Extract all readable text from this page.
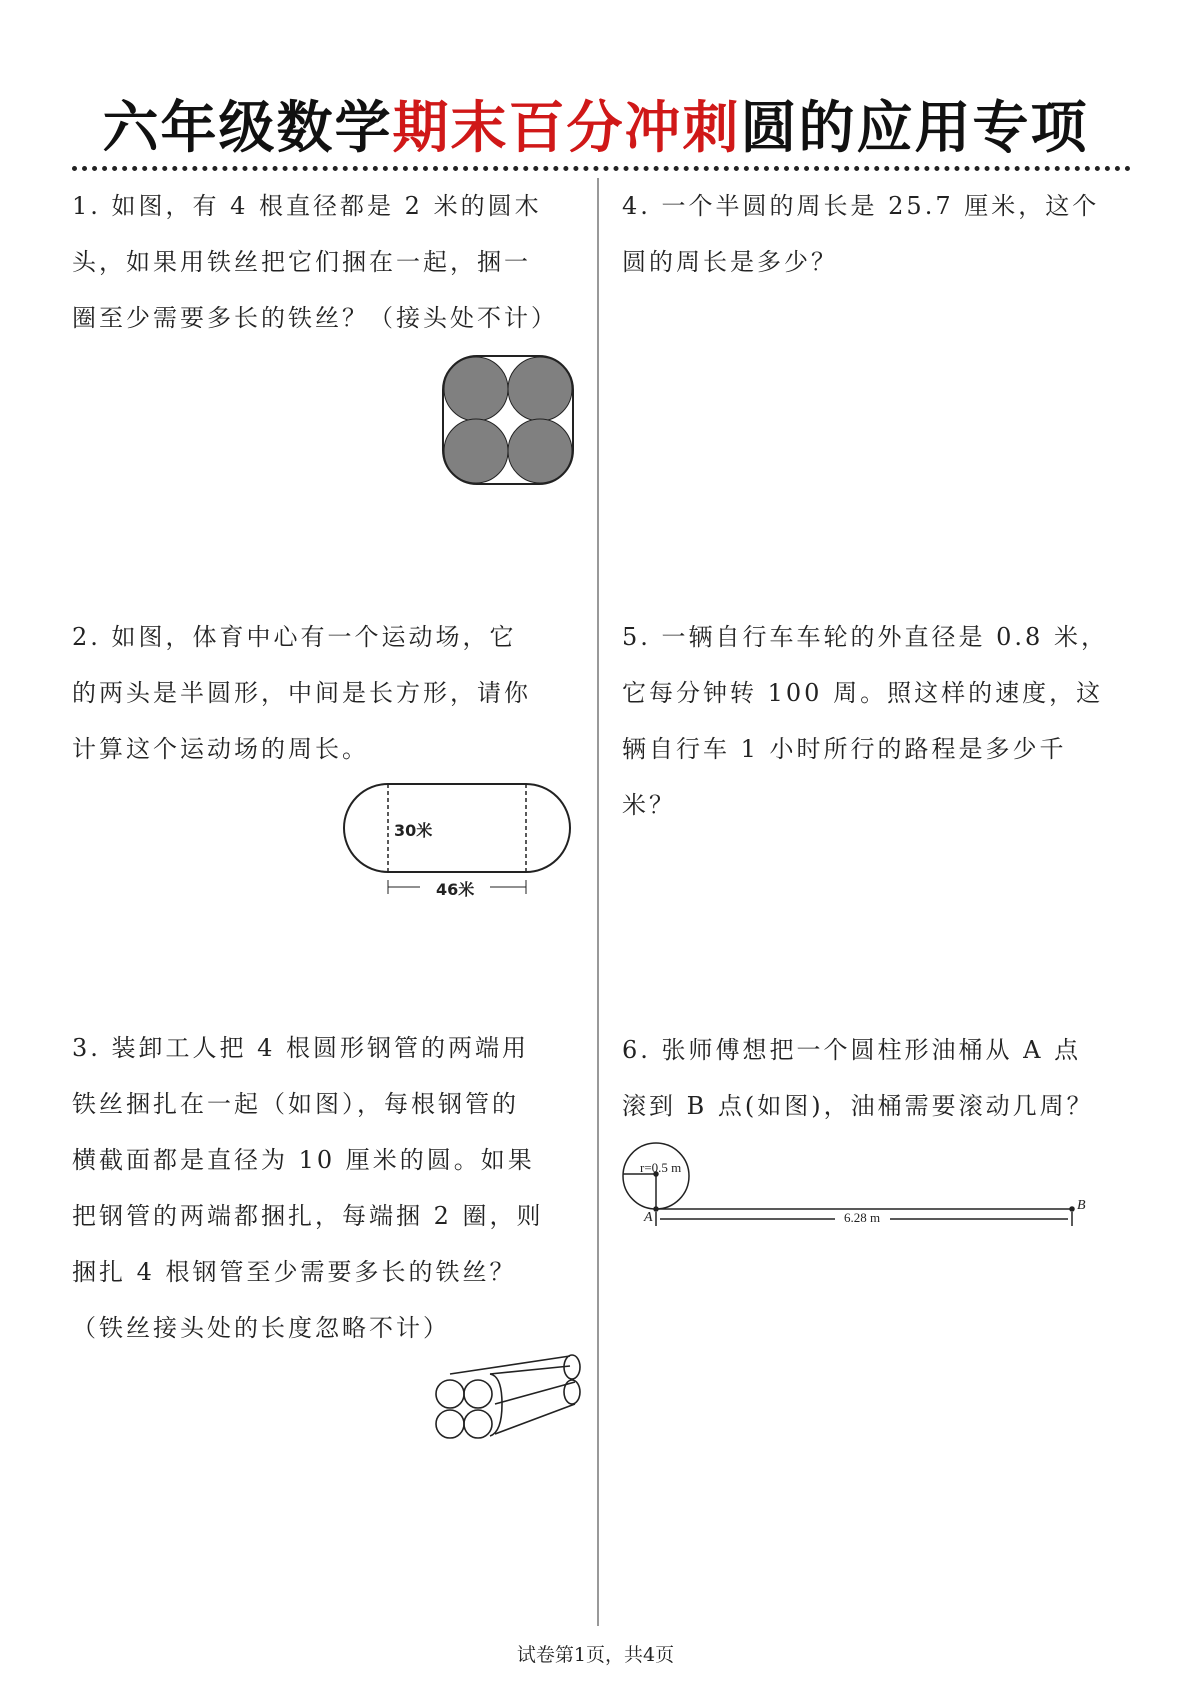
六年级数学期末百分冲刺圆的应用专项

1. 如图，有 4 根直径都是 2 米的圆木

头，如果用铁丝把它们捆在一起，捆一

圈至少需要多长的铁丝？（接头处不计）

2. 如图，体育中心有一个运动场，它

的两头是半圆形，中间是长方形，请你

计算这个运动场的周长。

30米
46米

3. 装卸工人把 4 根圆形钢管的两端用

铁丝捆扎在一起（如图），每根钢管的

横截面都是直径为 10 厘米的圆。如果

把钢管的两端都捆扎，每端捆 2 圈，则

捆扎 4 根钢管至少需要多长的铁丝？

（铁丝接头处的长度忽略不计）

4. 一个半圆的周长是 25.7 厘米，这个

圆的周长是多少？

5. 一辆自行车车轮的外直径是 0.8 米，

它每分钟转 100 周。照这样的速度，这

辆自行车 1 小时所行的路程是多少千

米？

6. 张师傅想把一个圆柱形油桶从 A 点

滚到 B 点(如图)，油桶需要滚动几周？

r=0.5 m
A
B
6.28 m
试卷第1页，共4页
